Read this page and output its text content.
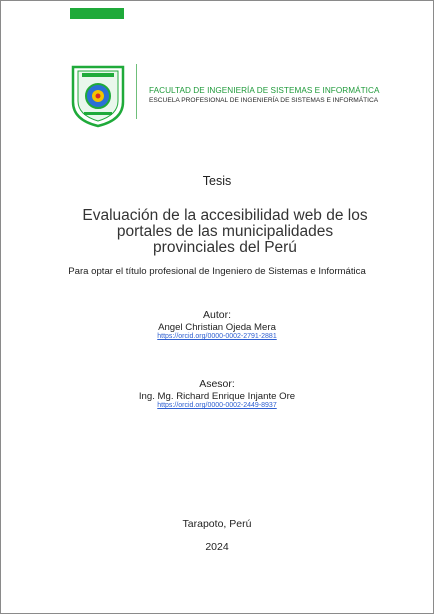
FACULTAD DE INGENIERÍA DE SISTEMAS E INFORMÁTICA
ESCUELA PROFESIONAL DE INGENIERÍA DE SISTEMAS E INFORMÁTICA
Tesis
Evaluación de la accesibilidad web de los portales de las municipalidades provinciales del Perú
Para optar el título profesional de Ingeniero de Sistemas e Informática
Autor:
Angel Christian Ojeda Mera
https://orcid.org/0000-0002-2791-2881
Asesor:
Ing. Mg. Richard Enrique Injante Ore
https://orcid.org/0000-0002-2449-8937
Tarapoto, Perú
2024
